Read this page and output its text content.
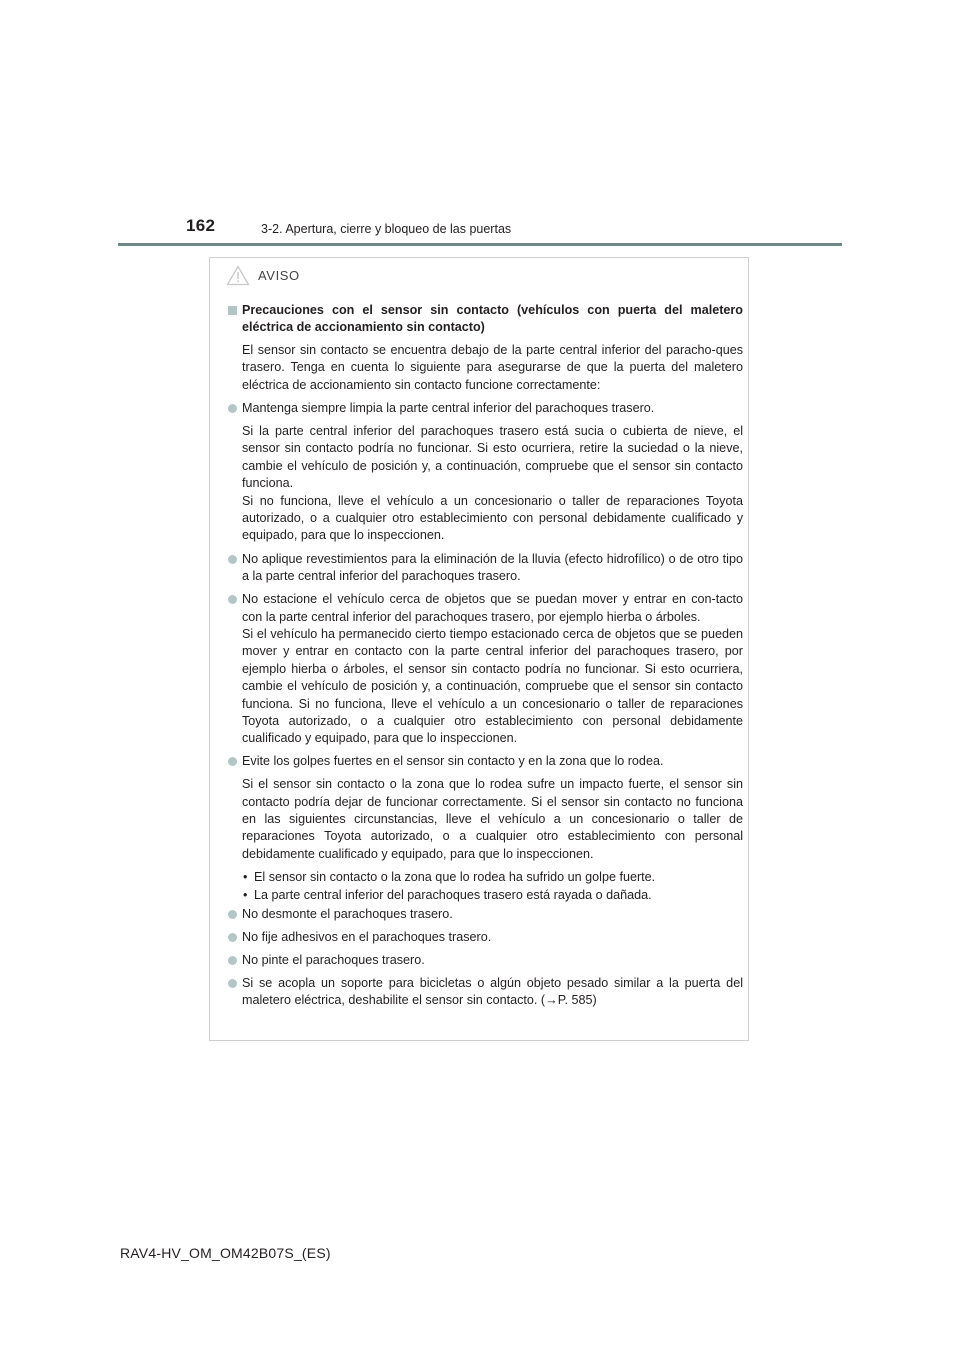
162	3-2. Apertura, cierre y bloqueo de las puertas
AVISO
Precauciones con el sensor sin contacto (vehículos con puerta del maletero eléctrica de accionamiento sin contacto)
El sensor sin contacto se encuentra debajo de la parte central inferior del paracho-ques trasero. Tenga en cuenta lo siguiente para asegurarse de que la puerta del maletero eléctrica de accionamiento sin contacto funcione correctamente:
Mantenga siempre limpia la parte central inferior del parachoques trasero.

Si la parte central inferior del parachoques trasero está sucia o cubierta de nieve, el sensor sin contacto podría no funcionar. Si esto ocurriera, retire la suciedad o la nieve, cambie el vehículo de posición y, a continuación, compruebe que el sensor sin contacto funciona.

Si no funciona, lleve el vehículo a un concesionario o taller de reparaciones Toyota autorizado, o a cualquier otro establecimiento con personal debidamente cualificado y equipado, para que lo inspeccionen.

No aplique revestimientos para la eliminación de la lluvia (efecto hidrofílico) o de otro tipo a la parte central inferior del parachoques trasero.
No estacione el vehículo cerca de objetos que se puedan mover y entrar en con-tacto con la parte central inferior del parachoques trasero, por ejemplo hierba o árboles.
Si el vehículo ha permanecido cierto tiempo estacionado cerca de objetos que se pueden mover y entrar en contacto con la parte central inferior del parachoques trasero, por ejemplo hierba o árboles, el sensor sin contacto podría no funcionar. Si esto ocurriera, cambie el vehículo de posición y, a continuación, compruebe que el sensor sin contacto funciona. Si no funciona, lleve el vehículo a un concesionario o taller de reparaciones Toyota autorizado, o a cualquier otro establecimiento con personal debidamente cualificado y equipado, para que lo inspeccionen.
Evite los golpes fuertes en el sensor sin contacto y en la zona que lo rodea.

Si el sensor sin contacto o la zona que lo rodea sufre un impacto fuerte, el sensor sin contacto podría dejar de funcionar correctamente. Si el sensor sin contacto no funciona en las siguientes circunstancias, lleve el vehículo a un concesionario o taller de reparaciones Toyota autorizado, o a cualquier otro establecimiento con personal debidamente cualificado y equipado, para que lo inspeccionen.

• El sensor sin contacto o la zona que lo rodea ha sufrido un golpe fuerte.
• La parte central inferior del parachoques trasero está rayada o dañada.
No desmonte el parachoques trasero.
No fije adhesivos en el parachoques trasero.
No pinte el parachoques trasero.
Si se acopla un soporte para bicicletas o algún objeto pesado similar a la puerta del maletero eléctrica, deshabilite el sensor sin contacto. (→P. 585)
RAV4-HV_OM_OM42B07S_(ES)
